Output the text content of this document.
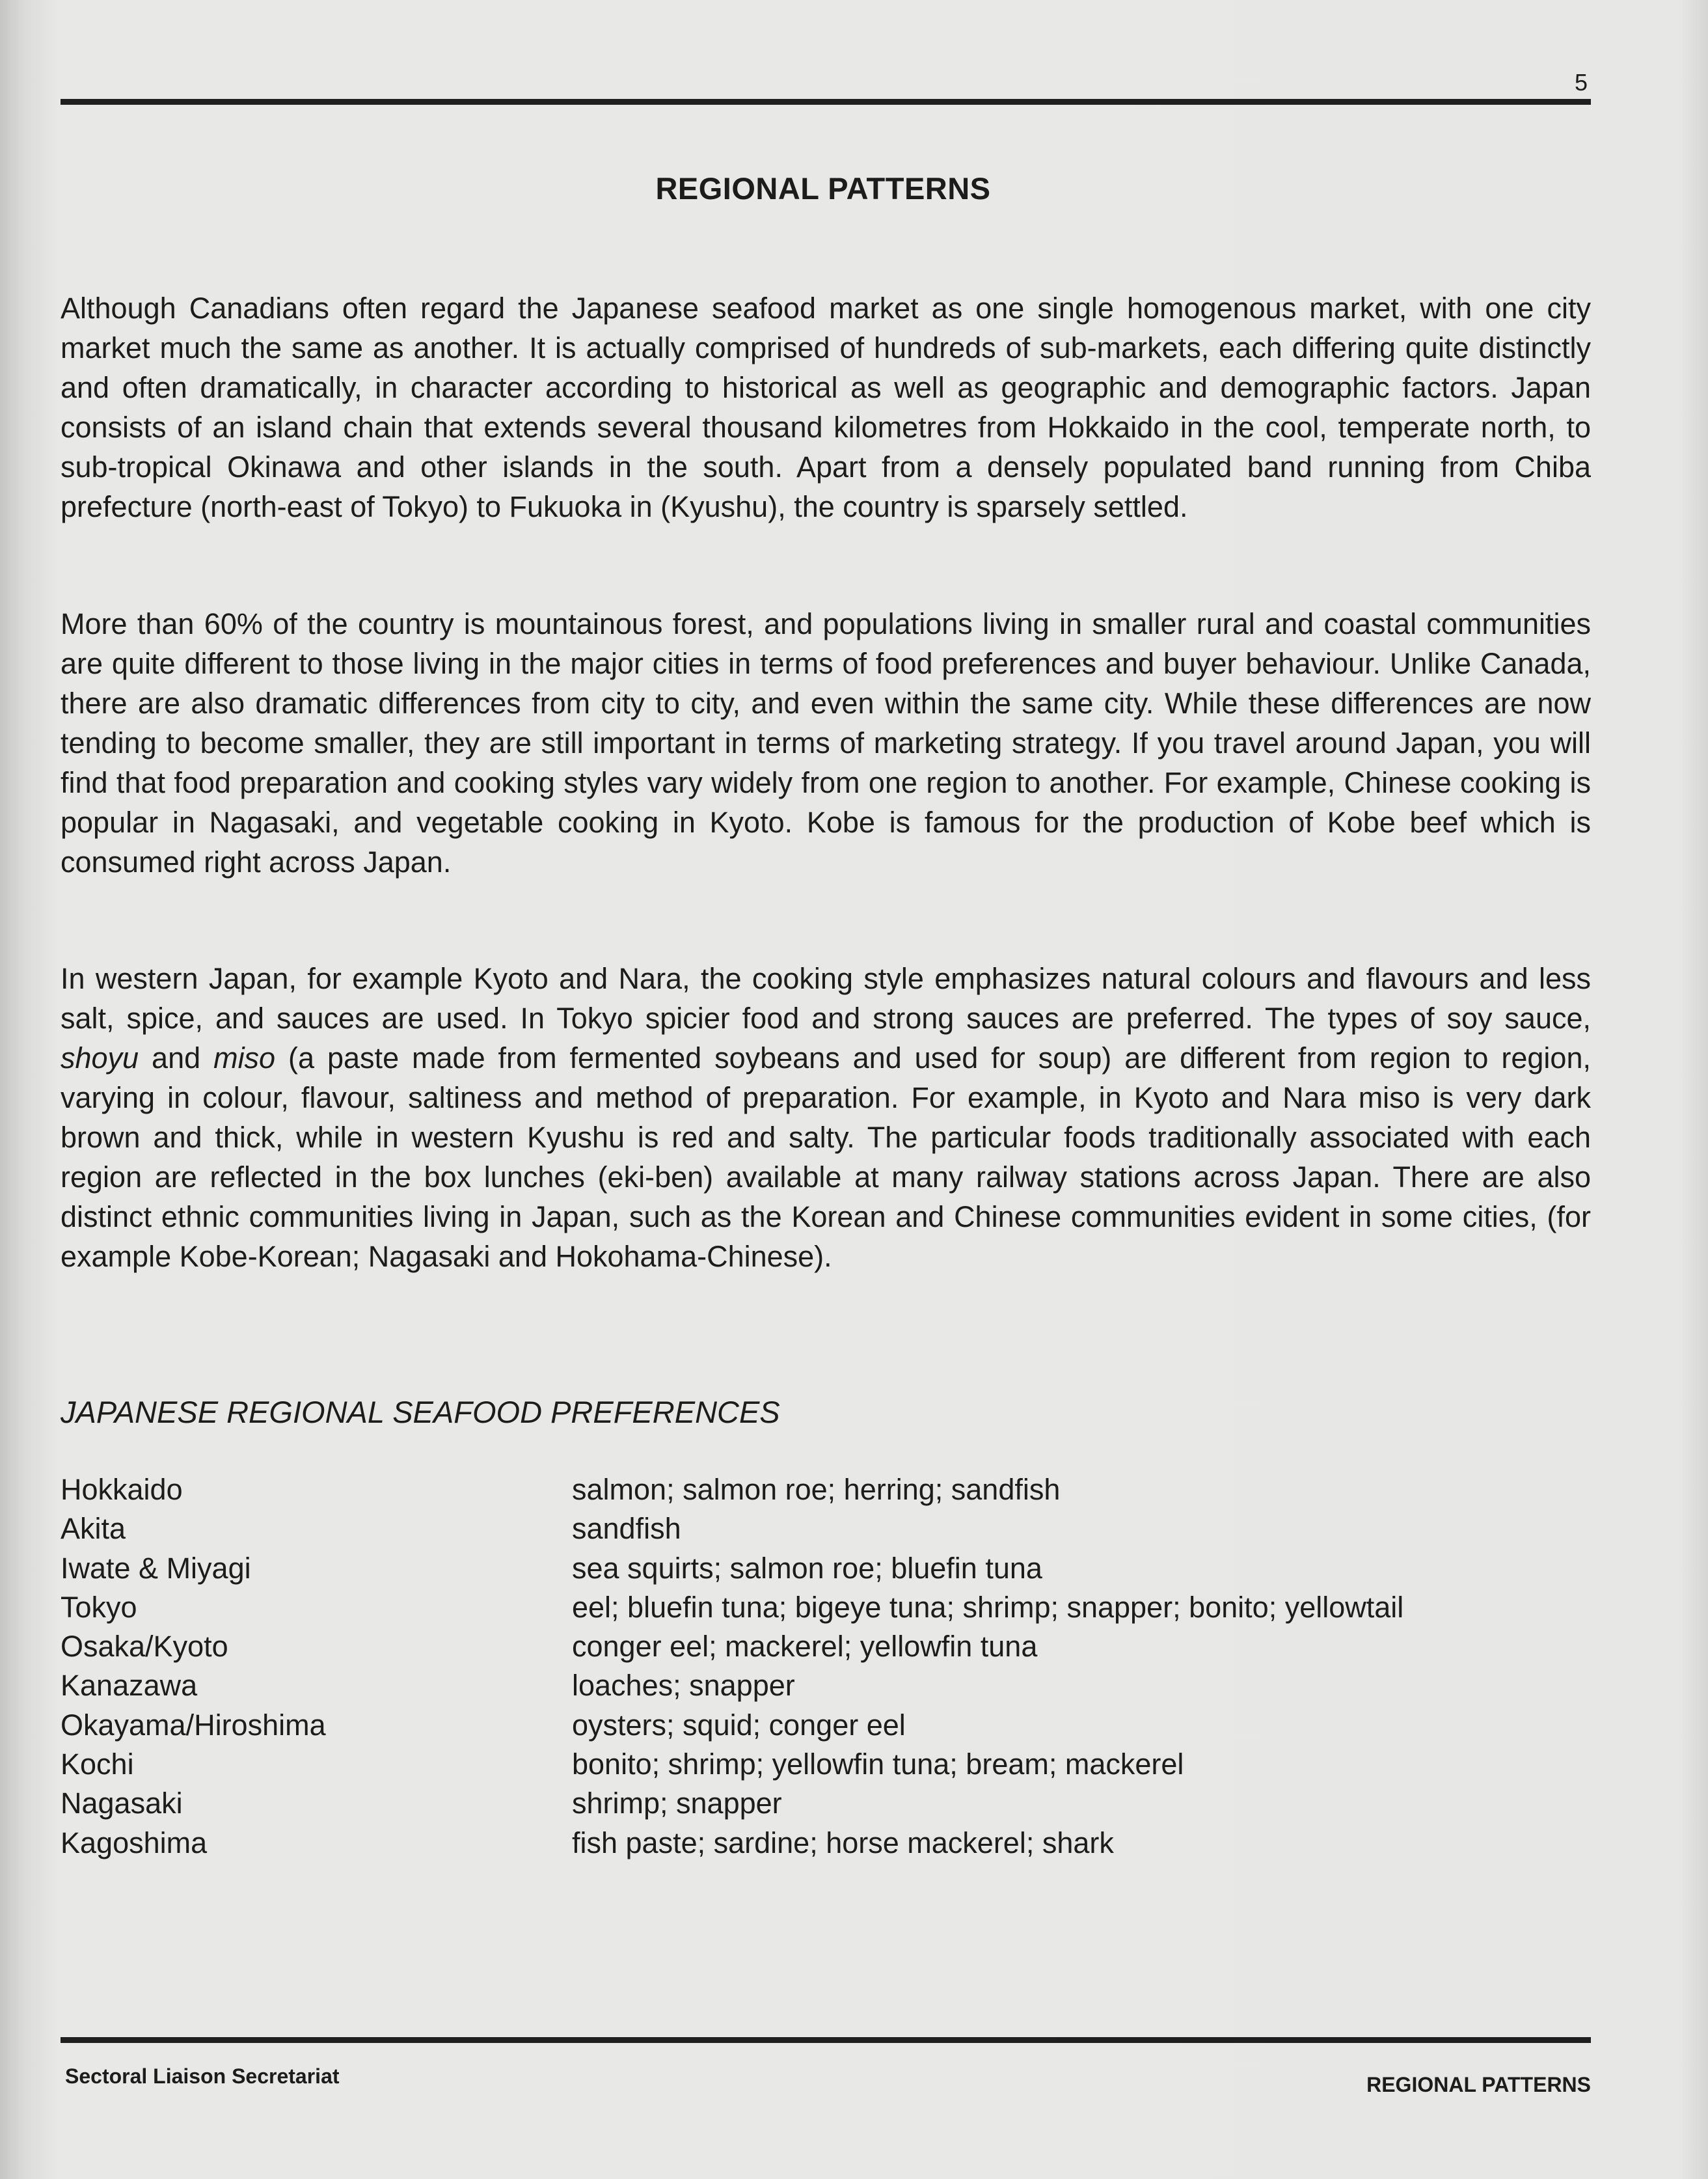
5
REGIONAL PATTERNS

Although Canadians often regard the Japanese seafood market as one single homogenous market, with one city market much the same as another. It is actually comprised of hundreds of sub-markets, each differing quite distinctly and often dramatically, in character according to historical as well as geographic and demographic factors. Japan consists of an island chain that extends several thousand kilometres from Hokkaido in the cool, temperate north, to sub-tropical Okinawa and other islands in the south. Apart from a densely populated band running from Chiba prefecture (north-east of Tokyo) to Fukuoka in (Kyushu), the country is sparsely settled.

More than 60% of the country is mountainous forest, and populations living in smaller rural and coastal communities are quite different to those living in the major cities in terms of food preferences and buyer behaviour. Unlike Canada, there are also dramatic differences from city to city, and even within the same city. While these differences are now tending to become smaller, they are still important in terms of marketing strategy. If you travel around Japan, you will find that food preparation and cooking styles vary widely from one region to another. For example, Chinese cooking is popular in Nagasaki, and vegetable cooking in Kyoto. Kobe is famous for the production of Kobe beef which is consumed right across Japan.

In western Japan, for example Kyoto and Nara, the cooking style emphasizes natural colours and flavours and less salt, spice, and sauces are used. In Tokyo spicier food and strong sauces are preferred. The types of soy sauce, shoyu and miso (a paste made from fermented soybeans and used for soup) are different from region to region, varying in colour, flavour, saltiness and method of preparation. For example, in Kyoto and Nara miso is very dark brown and thick, while in western Kyushu is red and salty. The particular foods traditionally associated with each region are reflected in the box lunches (eki-ben) available at many railway stations across Japan. There are also distinct ethnic communities living in Japan, such as the Korean and Chinese communities evident in some cities, (for example Kobe-Korean; Nagasaki and Hokohama-Chinese).

JAPANESE REGIONAL SEAFOOD PREFERENCES
Hokkaido	salmon; salmon roe; herring; sandfish
Akita	sandfish
Iwate & Miyagi	sea squirts; salmon roe; bluefin tuna
Tokyo	eel; bluefin tuna; bigeye tuna; shrimp; snapper; bonito; yellowtail
Osaka/Kyoto	conger eel; mackerel; yellowfin tuna
Kanazawa	loaches; snapper
Okayama/Hiroshima	oysters; squid; conger eel
Kochi	bonito; shrimp; yellowfin tuna; bream; mackerel
Nagasaki	shrimp; snapper
Kagoshima	fish paste; sardine; horse mackerel; shark
Sectoral Liaison Secretariat	REGIONAL PATTERNS
